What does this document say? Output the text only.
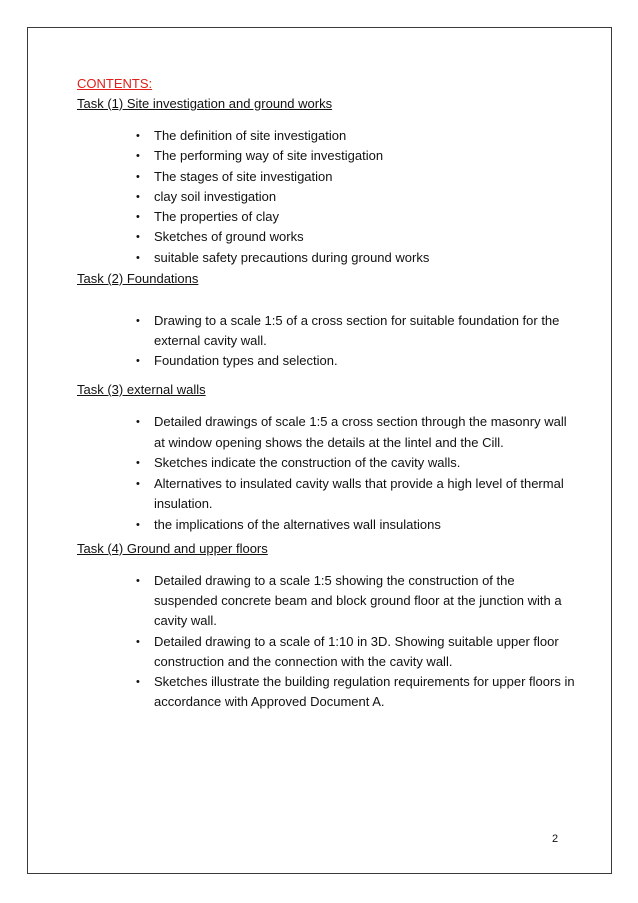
CONTENTS:
Task (1) Site investigation and ground works
• The definition of site investigation
• The performing way of site investigation
• The stages of site investigation
• clay soil investigation
• The properties of clay
• Sketches of ground works
• suitable safety precautions during ground works
Task (2) Foundations
• Drawing to a scale 1:5 of a cross section for suitable foundation for the external cavity wall.
• Foundation types and selection.
Task (3) external walls
• Detailed drawings of scale 1:5 a cross section through the masonry wall at window opening shows the details at the lintel and the Cill.
• Sketches indicate the construction of the cavity walls.
• Alternatives to insulated cavity walls that provide a high level of thermal insulation.
• the implications of the alternatives wall insulations
Task (4) Ground and upper floors
• Detailed drawing to a scale 1:5 showing the construction of the suspended concrete beam and block ground floor at the junction with a cavity wall.
• Detailed drawing to a scale of 1:10 in 3D. Showing suitable upper floor construction and the connection with the cavity wall.
• Sketches illustrate the building regulation requirements for upper floors in accordance with Approved Document A.
2
